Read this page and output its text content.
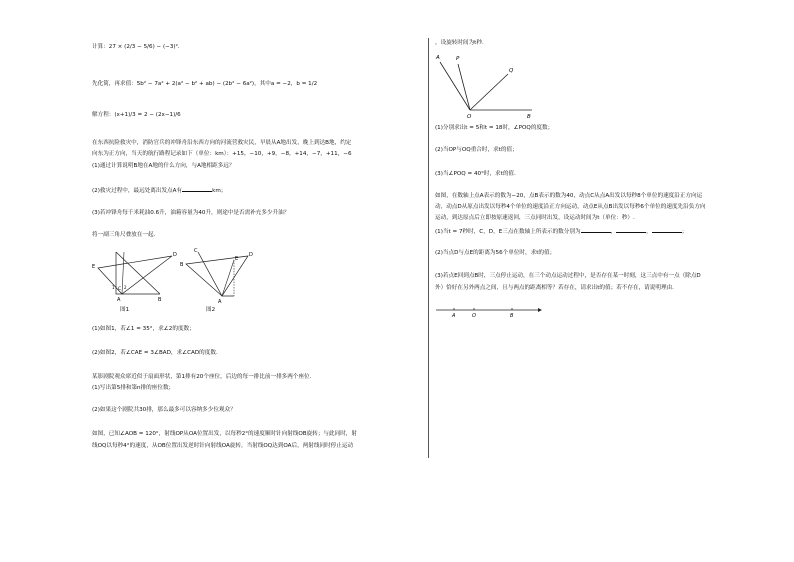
计算：27 × (2/3 − 5/6) − (−3)².
先化简，再求值：5b² − 7a² + 2(a² − b² + ab) − (2b² − 6a²)，其中a = −2，b = 1/2
解方程：(x+1)/3 = 2 − (2x−1)/6
在东西抗险救灾中，消防官兵的冲锋舟沿东西方向的河流营救灾民，早晨从A地出发，晚上到达B地，约定
向东为正方向，当天的航行路程记录如下（单位：km）：+15，−10，+9，−8，+14，−7，+11，−6
(1)通过计算说明B地在A地的什么方向，与A地相距多远？
(2)救灾过程中，最远处离出发点A有	km；
(3)若冲锋舟每千米耗油0.6升，油箱容量为40升，则途中是否需补充多少升油？
将一副三角尺叠放在一起.
E
D
C
A	B
1 2
图1
C
D
E
B
A
图2
(1)如图1，若∠1 = 35°，求∠2的度数；
(2)如图2，若∠CAE = 3∠BAD，求∠CAD的度数.
某影剧院观众席近似于扇面形状，第1排有20个座位，后边的每一排比前一排多两个座位.
(1)写出第5排和第n排的座位数；
(2)如果这个剧院共30排，那么最多可以容纳多少位观众？
如图，已知∠AOB = 120°，射线OP从OA位置出发，以每秒2°的速度顺时针向射线OB旋转；与此同时，射
线OQ以每秒4°的速度，从OB位置出发逆时针向射线OA旋转，当射线OQ达到OA后，两射线同时停止运动
，设旋转时间为t秒.
A	P
Q
O	B
(1)分别求出t = 5和t = 18时，∠POQ的度数；
(2)当OP与OQ重合时，求t的值；
(3)当∠POQ = 40°时，求t的值.
如图，在数轴上点A表示的数为−20，点B表示的数为40，动点C从点A出发以每秒8个单位的速度沿正方向运
动，动点D从原点出发以每秒4个单位的速度沿正方向运动，动点E从点B出发以每秒6个单位的速度先沿负方向
运动，到达原点后立即按原速返回，三点同时出发，设运动时间为t（单位：秒）.
(1)当t = 7秒时，C，D，E三点在数轴上所表示的数分别为	，	，	；
(2)当点D与点E的距离为56个单位时，求t的值；
(3)若点E回到点B时，三点停止运动，在三个动点运动过程中，是否存在某一时刻，这三点中有一点（除点D
外）恰好在另外两点之间，且与两点的距离相等？若存在，请求出t的值；若不存在，请说明理由.
A	O	B
